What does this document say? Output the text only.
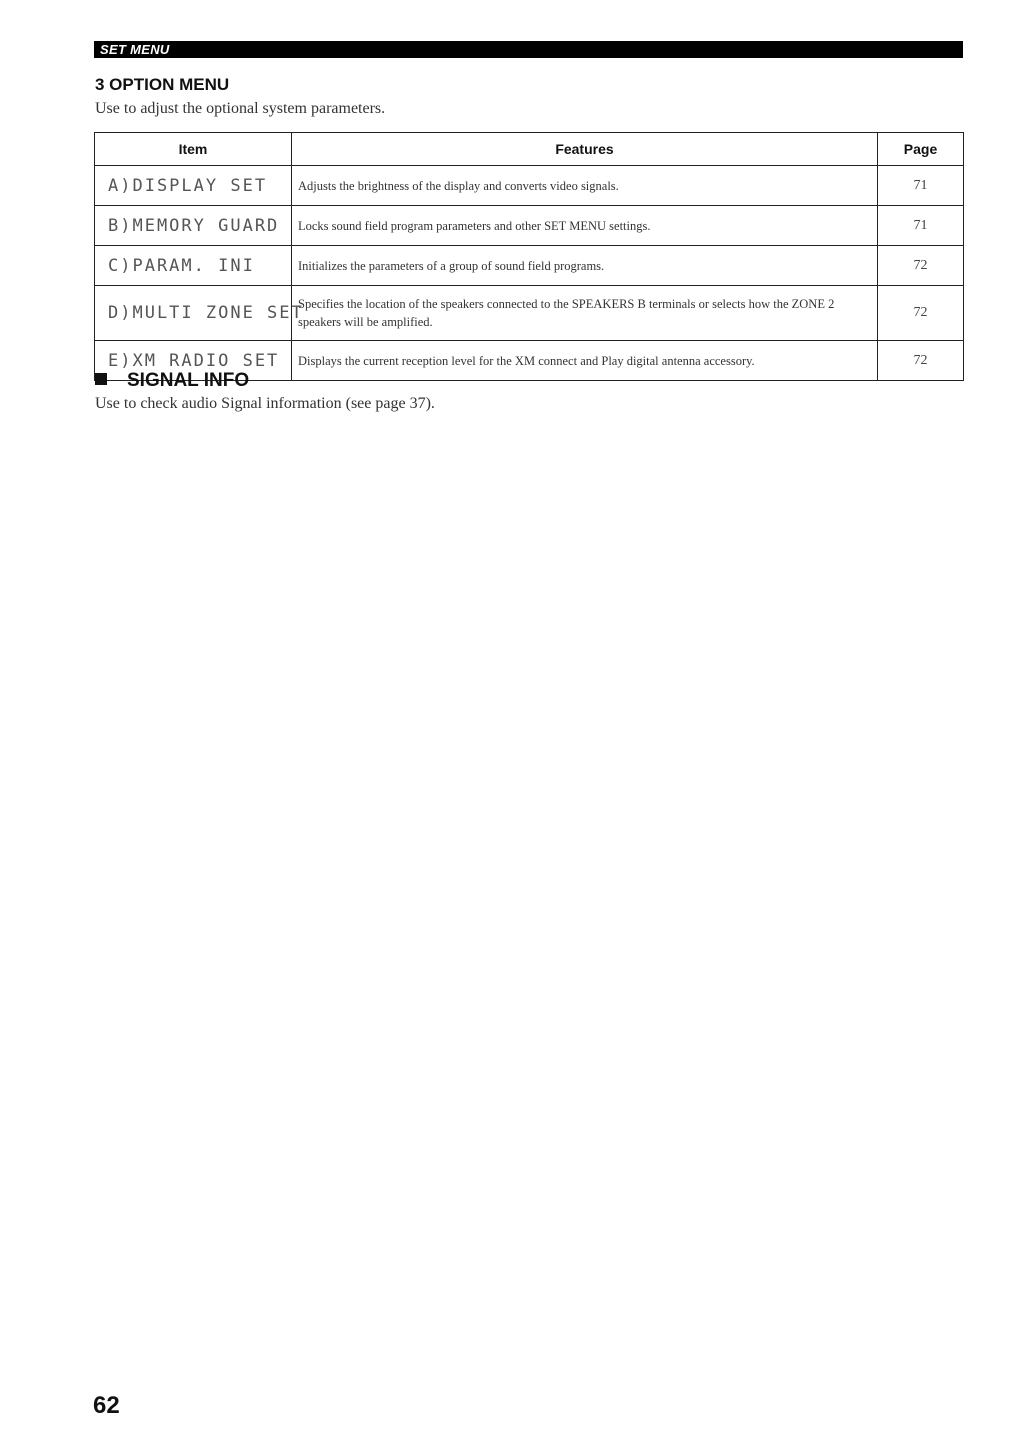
SET MENU
3 OPTION MENU

Use to adjust the optional system parameters.

Item	Features	Page
A)DISPLAY SET	Adjusts the brightness of the display and converts video signals.	71
B)MEMORY GUARD	Locks sound field program parameters and other SET MENU settings.	71
C)PARAM. INI	Initializes the parameters of a group of sound field programs.	72
D)MULTI ZONE SET	Specifies the location of the speakers connected to the SPEAKERS B terminals or selects how the ZONE 2 speakers will be amplified.	72
E)XM RADIO SET	Displays the current reception level for the XM connect and Play digital antenna accessory.	72
SIGNAL INFO

Use to check audio Signal information (see page 37).

62
